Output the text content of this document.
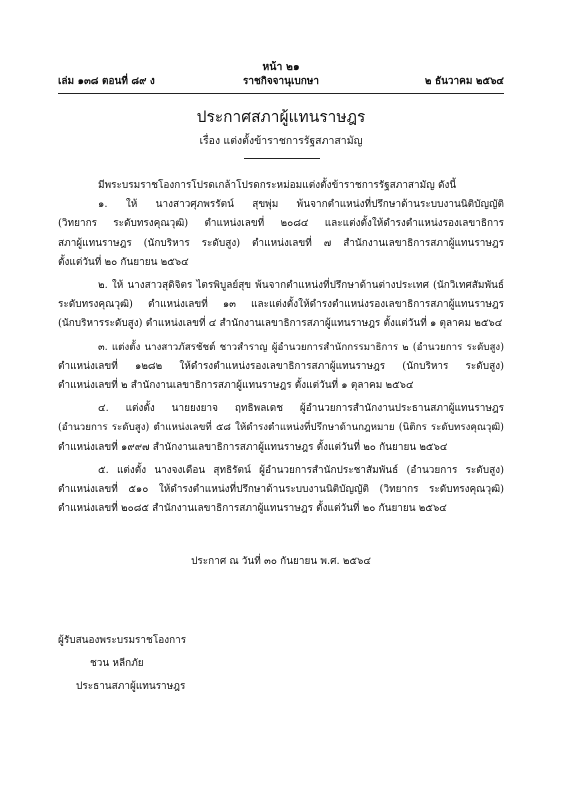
หน้า ๒๑
เล่ม ๑๓๘ ตอนที่ ๘๙ ง	ราชกิจจานุเบกษา	๒ ธันวาคม ๒๕๖๔
ประกาศสภาผู้แทนราษฎร
เรื่อง แต่งตั้งข้าราชการรัฐสภาสามัญ

มีพระบรมราชโองการโปรดเกล้าโปรดกระหม่อมแต่งตั้งข้าราชการรัฐสภาสามัญ ดังนี้

๑. ให้ นางสาวศุภพรรัตน์ สุขพุ่ม พ้นจากตำแหน่งที่ปรึกษาด้านระบบงานนิติบัญญัติ

(วิทยากร ระดับทรงคุณวุฒิ) ตำแหน่งเลขที่ ๒๐๘๔ และแต่งตั้งให้ดำรงตำแหน่งรองเลขาธิการ

สภาผู้แทนราษฎร (นักบริหาร ระดับสูง) ตำแหน่งเลขที่ ๗ สำนักงานเลขาธิการสภาผู้แทนราษฎร

ตั้งแต่วันที่ ๒๐ กันยายน ๒๕๖๔

๒. ให้ นางสาวสุดิจิตร ไตรพิบูลย์สุข พ้นจากตำแหน่งที่ปรึกษาด้านต่างประเทศ (นักวิเทศสัมพันธ์

ระดับทรงคุณวุฒิ) ตำแหน่งเลขที่ ๑๓ และแต่งตั้งให้ดำรงตำแหน่งรองเลขาธิการสภาผู้แทนราษฎร

(นักบริหารระดับสูง) ตำแหน่งเลขที่ ๔ สำนักงานเลขาธิการสภาผู้แทนราษฎร ตั้งแต่วันที่ ๑ ตุลาคม ๒๕๖๔

๓. แต่งตั้ง นางสาวภัสรชัชต์ ชาวสำราญ ผู้อำนวยการสำนักกรรมาธิการ ๒ (อำนวยการ ระดับสูง)

ตำแหน่งเลขที่ ๑๒๘๒ ให้ดำรงตำแหน่งรองเลขาธิการสภาผู้แทนราษฎร (นักบริหาร ระดับสูง)

ตำแหน่งเลขที่ ๒ สำนักงานเลขาธิการสภาผู้แทนราษฎร ตั้งแต่วันที่ ๑ ตุลาคม ๒๕๖๔

๔. แต่งตั้ง นายยงยาจ ฤทธิพลเดช ผู้อำนวยการสำนักงานประธานสภาผู้แทนราษฎร

(อำนวยการ ระดับสูง) ตำแหน่งเลขที่ ๕๘ ให้ดำรงตำแหน่งที่ปรึกษาด้านกฎหมาย (นิติกร ระดับทรงคุณวุฒิ)

ตำแหน่งเลขที่ ๑๙๙๗ สำนักงานเลขาธิการสภาผู้แทนราษฎร ตั้งแต่วันที่ ๒๐ กันยายน ๒๕๖๔

๕. แต่งตั้ง นางจงเดือน สุทธิรัตน์ ผู้อำนวยการสำนักประชาสัมพันธ์ (อำนวยการ ระดับสูง)

ตำแหน่งเลขที่ ๕๑๐ ให้ดำรงตำแหน่งที่ปรึกษาด้านระบบงานนิติบัญญัติ (วิทยากร ระดับทรงคุณวุฒิ)

ตำแหน่งเลขที่ ๒๐๘๕ สำนักงานเลขาธิการสภาผู้แทนราษฎร ตั้งแต่วันที่ ๒๐ กันยายน ๒๕๖๔

ประกาศ ณ วันที่ ๓๐ กันยายน พ.ศ. ๒๕๖๔
ผู้รับสนองพระบรมราชโองการ
ชวน หลีกภัย
ประธานสภาผู้แทนราษฎร
